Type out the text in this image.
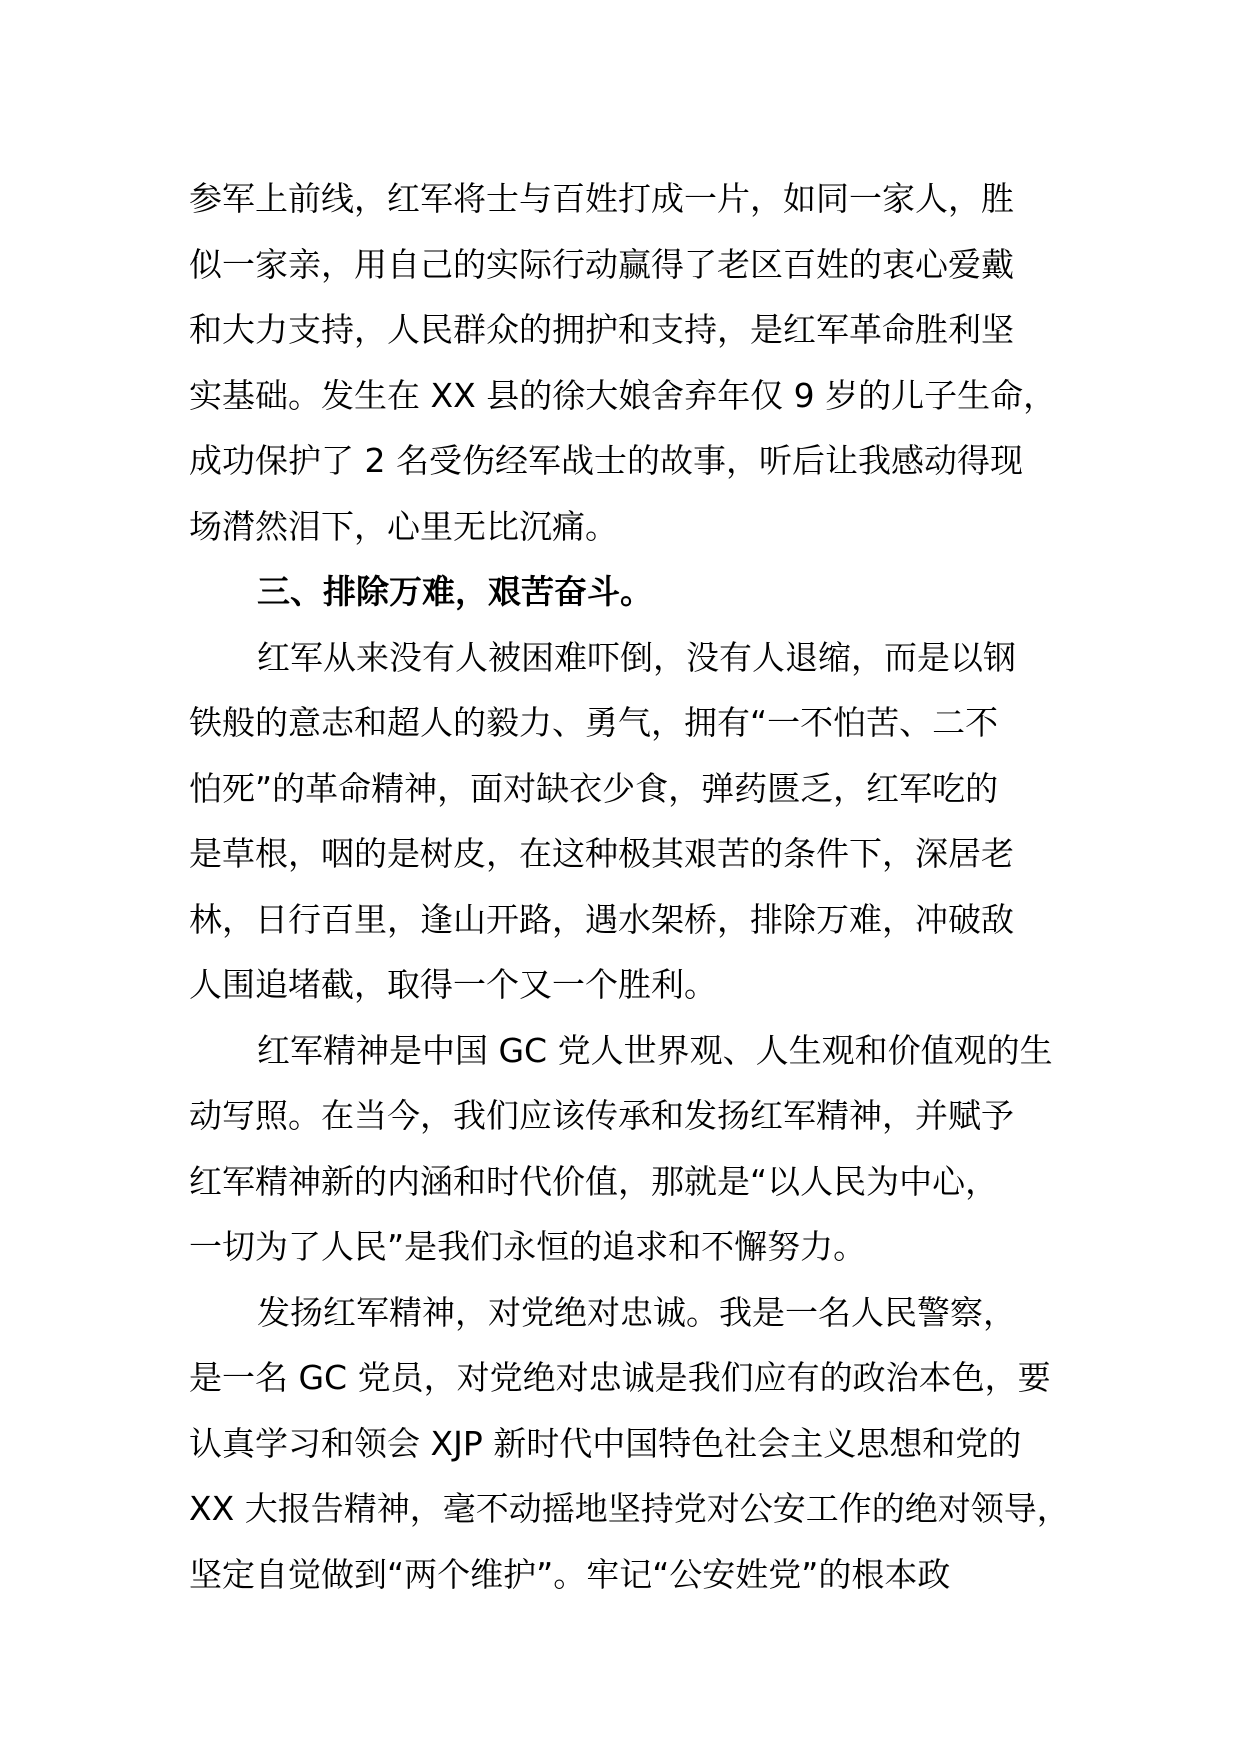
参军上前线，红军将士与百姓打成一片，如同一家人，胜
似一家亲，用自己的实际行动赢得了老区百姓的衷心爱戴
和大力支持，人民群众的拥护和支持，是红军革命胜利坚
实基础。发生在 XX 县的徐大娘舍弃年仅 9 岁的儿子生命，
成功保护了 2 名受伤经军战士的故事，听后让我感动得现
场潸然泪下，心里无比沉痛。
三、排除万难，艰苦奋斗。
红军从来没有人被困难吓倒，没有人退缩，而是以钢
铁般的意志和超人的毅力、勇气，拥有“一不怕苦、二不
怕死”的革命精神，面对缺衣少食，弹药匮乏，红军吃的
是草根，咽的是树皮，在这种极其艰苦的条件下，深居老
林，日行百里，逢山开路，遇水架桥，排除万难，冲破敌
人围追堵截，取得一个又一个胜利。
红军精神是中国 GC 党人世界观、人生观和价值观的生
动写照。在当今，我们应该传承和发扬红军精神，并赋予
红军精神新的内涵和时代价值，那就是“以人民为中心，
一切为了人民”是我们永恒的追求和不懈努力。
发扬红军精神，对党绝对忠诚。我是一名人民警察，
是一名 GC 党员，对党绝对忠诚是我们应有的政治本色，要
认真学习和领会 XJP 新时代中国特色社会主义思想和党的
XX 大报告精神，毫不动摇地坚持党对公安工作的绝对领导，
坚定自觉做到“两个维护”。牢记“公安姓党”的根本政
